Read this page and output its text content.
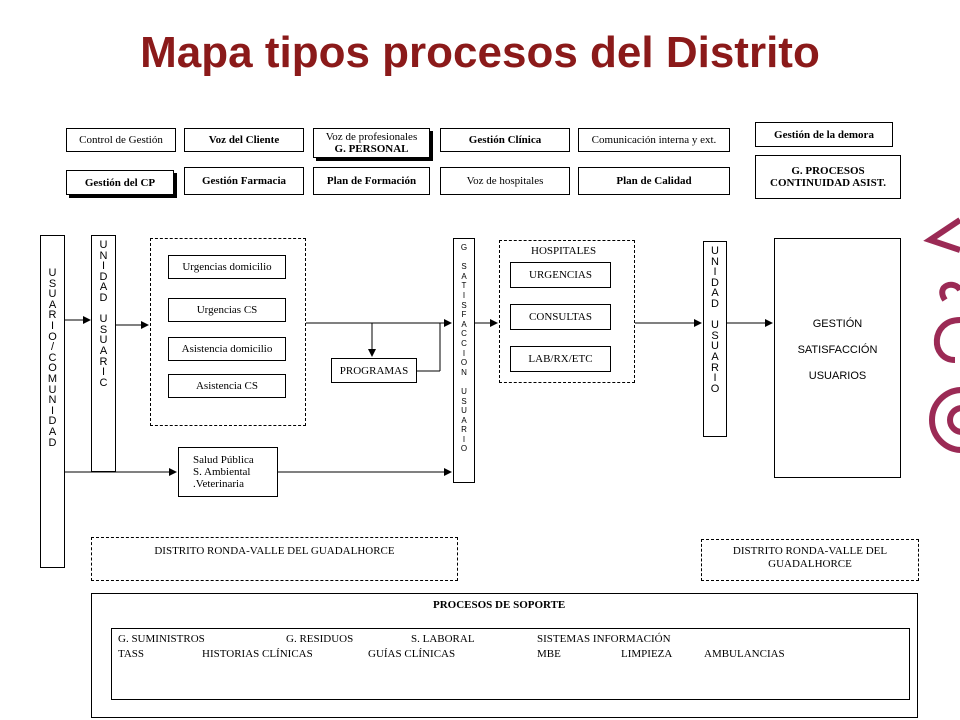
Mapa tipos procesos del Distrito
Control de Gestión	Voz del Cliente	Voz de profesionales
G. PERSONAL
Gestión Clínica	Comunicación interna y ext.	Gestión de la demora
Gestión del CP	Gestión Farmacia	Plan de Formación	Voz de hospitales	Plan de Calidad
G. PROCESOS
CONTINUIDAD ASIST.
U
S
U
A
R
I
O
/
C
O
M
U
N
I
D
A
D
U
N
I
D
A
D

U
S
U
A
R
I
C
Urgencias domicilio
Urgencias CS
Asistencia domicilio
Asistencia CS
PROGRAMAS
Salud Pública
S. Ambiental
.Veterinaria
G

S
A
T
I
S
F
A
C
C
I
O
N

U
S
U
A
R
I
O
HOSPITALES
URGENCIAS
CONSULTAS
LAB/RX/ETC
U
N
I
D
A
D

U
S
U
A
R
I
O
GESTIÓN
SATISFACCIÓN
USUARIOS
DISTRITO RONDA-VALLE DEL GUADALHORCE	DISTRITO RONDA-VALLE DEL
GUADALHORCE
PROCESOS DE SOPORTE
G. SUMINISTROS	G. RESIDUOS	S. LABORAL	SISTEMAS INFORMACIÓN
TASS	HISTORIAS CLÍNICAS	GUÍAS CLÍNICAS	MBE	LIMPIEZA	AMBULANCIAS
